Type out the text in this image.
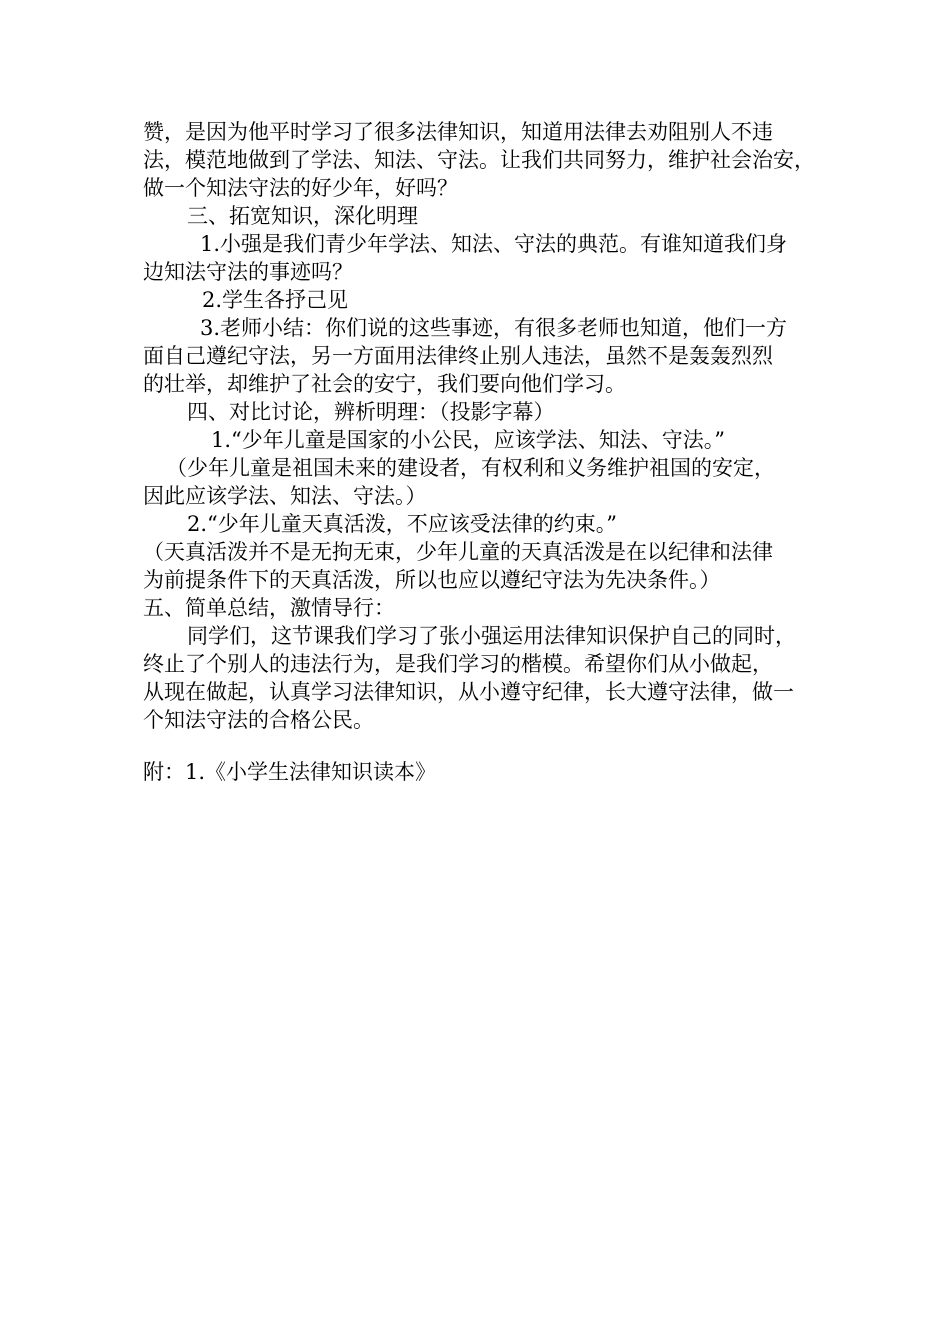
赞，是因为他平时学习了很多法律知识，知道用法律去劝阻别人不违
法，模范地做到了学法、知法、守法。让我们共同努力，维护社会治安，
做一个知法守法的好少年，好吗？
三、拓宽知识，深化明理
1.小强是我们青少年学法、知法、守法的典范。有谁知道我们身
边知法守法的事迹吗？
2.学生各抒己见
3.老师小结：你们说的这些事迹，有很多老师也知道，他们一方
面自己遵纪守法，另一方面用法律终止别人违法，虽然不是轰轰烈烈
的壮举，却维护了社会的安宁，我们要向他们学习。
四、对比讨论，辨析明理：（投影字幕）
1.“少年儿童是国家的小公民，应该学法、知法、守法。”
（少年儿童是祖国未来的建设者，有权利和义务维护祖国的安定，
因此应该学法、知法、守法。）
2.“少年儿童天真活泼，不应该受法律的约束。”
（天真活泼并不是无拘无束，少年儿童的天真活泼是在以纪律和法律
为前提条件下的天真活泼，所以也应以遵纪守法为先决条件。）
五、简单总结，激情导行：
同学们，这节课我们学习了张小强运用法律知识保护自己的同时，
终止了个别人的违法行为，是我们学习的楷模。希望你们从小做起，
从现在做起，认真学习法律知识，从小遵守纪律，长大遵守法律，做一
个知法守法的合格公民。
附：1.《小学生法律知识读本》
